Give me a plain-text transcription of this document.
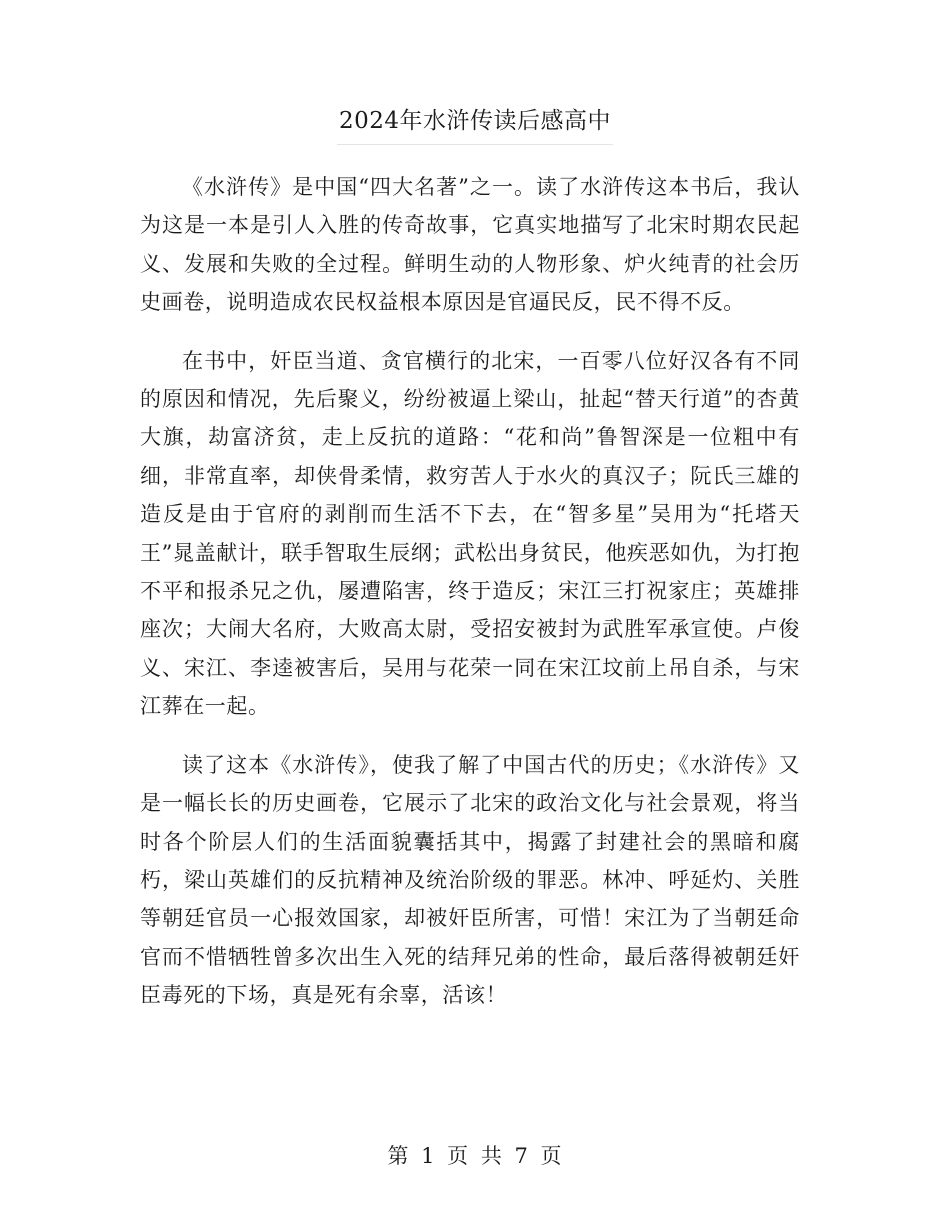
2024年水浒传读后感高中

《水浒传》是中国“四大名著”之一。读了水浒传这本书后，我认为这是一本是引人入胜的传奇故事，它真实地描写了北宋时期农民起义、发展和失败的全过程。鲜明生动的人物形象、炉火纯青的社会历史画卷，说明造成农民权益根本原因是官逼民反，民不得不反。

在书中，奸臣当道、贪官横行的北宋，一百零八位好汉各有不同的原因和情况，先后聚义，纷纷被逼上梁山，扯起“替天行道”的杏黄大旗，劫富济贫，走上反抗的道路：“花和尚”鲁智深是一位粗中有细，非常直率，却侠骨柔情，救穷苦人于水火的真汉子；阮氏三雄的造反是由于官府的剥削而生活不下去，在“智多星”吴用为“托塔天王”晁盖献计，联手智取生辰纲；武松出身贫民，他疾恶如仇，为打抱不平和报杀兄之仇，屡遭陷害，终于造反；宋江三打祝家庄；英雄排座次；大闹大名府，大败高太尉，受招安被封为武胜军承宣使。卢俊义、宋江、李逵被害后，吴用与花荣一同在宋江坟前上吊自杀，与宋江葬在一起。

读了这本《水浒传》，使我了解了中国古代的历史；《水浒传》又是一幅长长的历史画卷，它展示了北宋的政治文化与社会景观，将当时各个阶层人们的生活面貌囊括其中，揭露了封建社会的黑暗和腐朽，梁山英雄们的反抗精神及统治阶级的罪恶。林冲、呼延灼、关胜等朝廷官员一心报效国家，却被奸臣所害，可惜！宋江为了当朝廷命官而不惜牺牲曾多次出生入死的结拜兄弟的性命，最后落得被朝廷奸臣毒死的下场，真是死有余辜，活该！

第 1 页 共 7 页
